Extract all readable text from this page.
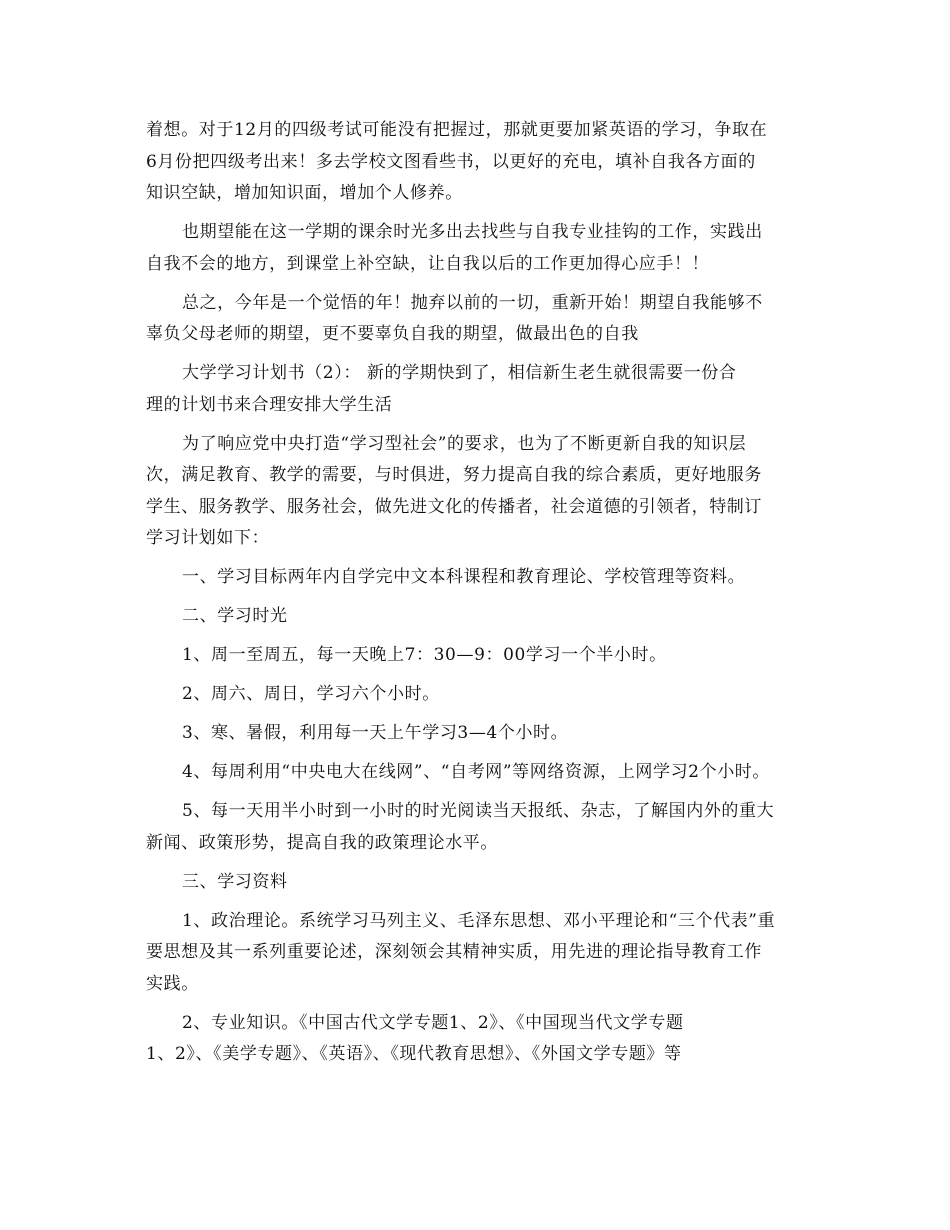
着想。对于12月的四级考试可能没有把握过，那就更要加紧英语的学习，争取在
6月份把四级考出来！多去学校文图看些书，以更好的充电，填补自我各方面的
知识空缺，增加知识面，增加个人修养。

也期望能在这一学期的课余时光多出去找些与自我专业挂钩的工作，实践出
自我不会的地方，到课堂上补空缺，让自我以后的工作更加得心应手！！

总之，今年是一个觉悟的年！抛弃以前的一切，重新开始！期望自我能够不
辜负父母老师的期望，更不要辜负自我的期望，做最出色的自我

大学学习计划书（2）： 新的学期快到了，相信新生老生就很需要一份合
理的计划书来合理安排大学生活

为了响应党中央打造“学习型社会”的要求，也为了不断更新自我的知识层
次，满足教育、教学的需要，与时俱进，努力提高自我的综合素质，更好地服务
学生、服务教学、服务社会，做先进文化的传播者，社会道德的引领者，特制订
学习计划如下：

一、学习目标两年内自学完中文本科课程和教育理论、学校管理等资料。

二、学习时光

1、周一至周五，每一天晚上7：30—9：00学习一个半小时。

2、周六、周日，学习六个小时。

3、寒、暑假，利用每一天上午学习3—4个小时。

4、每周利用“中央电大在线网”、“自考网”等网络资源，上网学习2个小时。

5、每一天用半小时到一小时的时光阅读当天报纸、杂志，了解国内外的重大
新闻、政策形势，提高自我的政策理论水平。

三、学习资料

1、政治理论。系统学习马列主义、毛泽东思想、邓小平理论和“三个代表”重
要思想及其一系列重要论述，深刻领会其精神实质，用先进的理论指导教育工作
实践。

2、专业知识。《中国古代文学专题1、2》、《中国现当代文学专题
1、2》、《美学专题》、《英语》、《现代教育思想》、《外国文学专题》等
